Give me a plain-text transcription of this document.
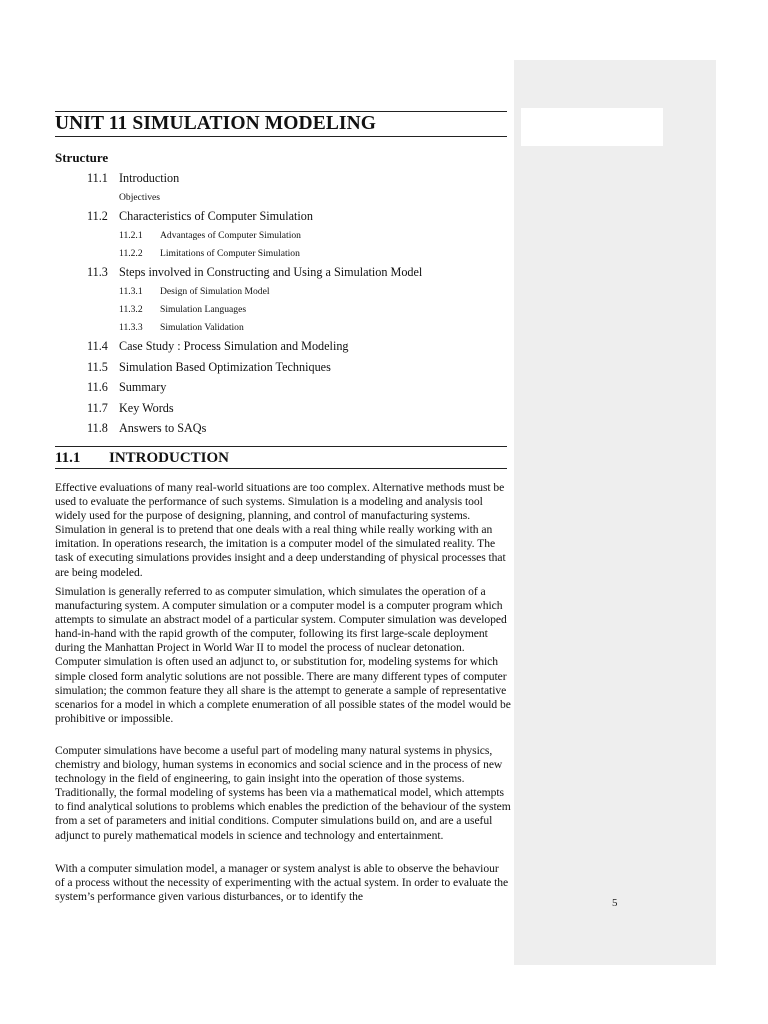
5
UNIT 11 SIMULATION MODELING
Structure
11.1 Introduction
Objectives
11.2 Characteristics of Computer Simulation
11.2.1 Advantages of Computer Simulation
11.2.2 Limitations of Computer Simulation
11.3 Steps involved in Constructing and Using a Simulation Model
11.3.1 Design of Simulation Model
11.3.2 Simulation Languages
11.3.3 Simulation Validation
11.4 Case Study : Process Simulation and Modeling
11.5 Simulation Based Optimization Techniques
11.6 Summary
11.7 Key Words
11.8 Answers to SAQs
11.1 INTRODUCTION

Effective evaluations of many real-world situations are too complex. Alternative methods must be used to evaluate the performance of such systems. Simulation is a modeling and analysis tool widely used for the purpose of designing, planning, and control of manufacturing systems. Simulation in general is to pretend that one deals with a real thing while really working with an imitation. In operations research, the imitation is a computer model of the simulated reality. The task of executing simulations provides insight and a deep understanding of physical processes that are being modeled.

Simulation is generally referred to as computer simulation, which simulates the operation of a manufacturing system. A computer simulation or a computer model is a computer program which attempts to simulate an abstract model of a particular system. Computer simulation was developed hand-in-hand with the rapid growth of the computer, following its first large-scale deployment during the Manhattan Project in World War II to model the process of nuclear detonation. Computer simulation is often used an adjunct to, or substitution for, modeling systems for which simple closed form analytic solutions are not possible. There are many different types of computer simulation; the common feature they all share is the attempt to generate a sample of representative scenarios for a model in which a complete enumeration of all possible states of the model would be prohibitive or impossible.

Computer simulations have become a useful part of modeling many natural systems in physics, chemistry and biology, human systems in economics and social science and in the process of new technology in the field of engineering, to gain insight into the operation of those systems. Traditionally, the formal modeling of systems has been via a mathematical model, which attempts to find analytical solutions to problems which enables the prediction of the behaviour of the system from a set of parameters and initial conditions. Computer simulations build on, and are a useful adjunct to purely mathematical models in science and technology and entertainment.

With a computer simulation model, a manager or system analyst is able to observe the behaviour of a process without the necessity of experimenting with the actual system. In order to evaluate the system’s performance given various disturbances, or to identify the
